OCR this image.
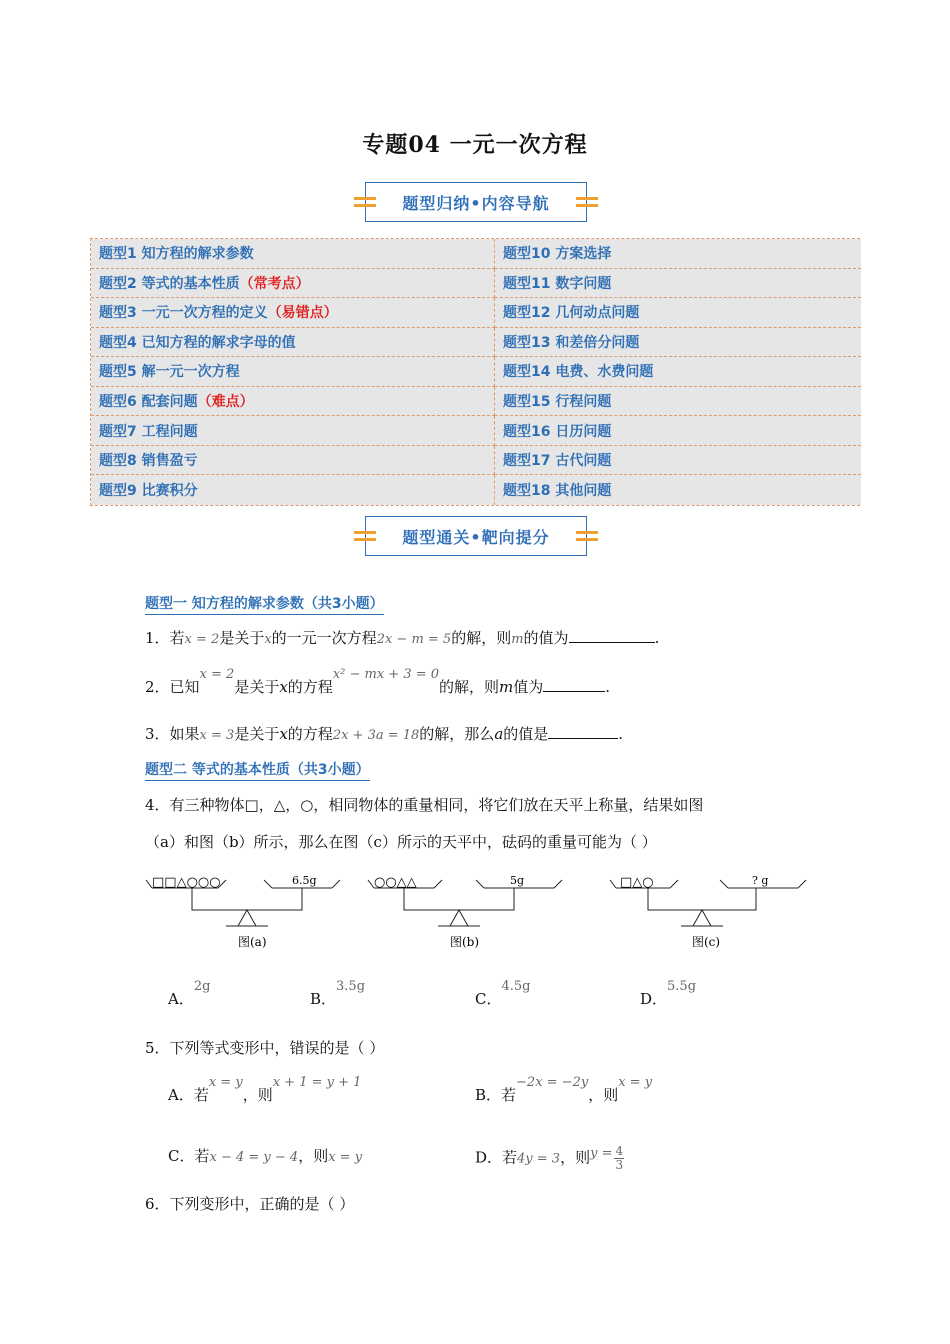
专题04 一元一次方程
题型归纳•内容导航
题型1 知方程的解求参数	题型10 方案选择
题型2 等式的基本性质 （常考点）	题型11 数字问题
题型3 一元一次方程的定义 （易错点）	题型12 几何动点问题
题型4 已知方程的解求字母的值	题型13 和差倍分问题
题型5 解一元一次方程	题型14 电费、水费问题
题型6 配套问题 （难点）	题型15 行程问题
题型7 工程问题	题型16 日历问题
题型8 销售盈亏	题型17 古代问题
题型9 比赛积分	题型18 其他问题
题型通关•靶向提分
题型一 知方程的解求参数（共3小题）
1．若x = 2是关于x的一元一次方程2x − m = 5的解，则m的值为	.
2．已知x = 2是关于x的方程x² − mx + 3 = 0的解，则m值为	.
3．如果x = 3是关于x的方程2x + 3a = 18的解，那么a的值是	.
题型二 等式的基本性质（共3小题）
4．有三种物体□，△，○，相同物体的重量相同，将它们放在天平上称量，结果如图
（a）和图（b）所示，那么在图（c）所示的天平中，砝码的重量可能为（ ）
□□△○○○	6.5g
图(a)
○○△△	5g
图(b)
□△○	? g
图(c)
A．2g
B．3.5g
C．4.5g
D．5.5g
5．下列等式变形中，错误的是（ ）
A．若x = y，则x + 1 = y + 1
B．若−2x = −2y，则x = y
C．若x − 4 = y − 4，则x = y	D．若4y = 3，则$y = \frac{4}{3}$
6．下列变形中，正确的是（ ）
